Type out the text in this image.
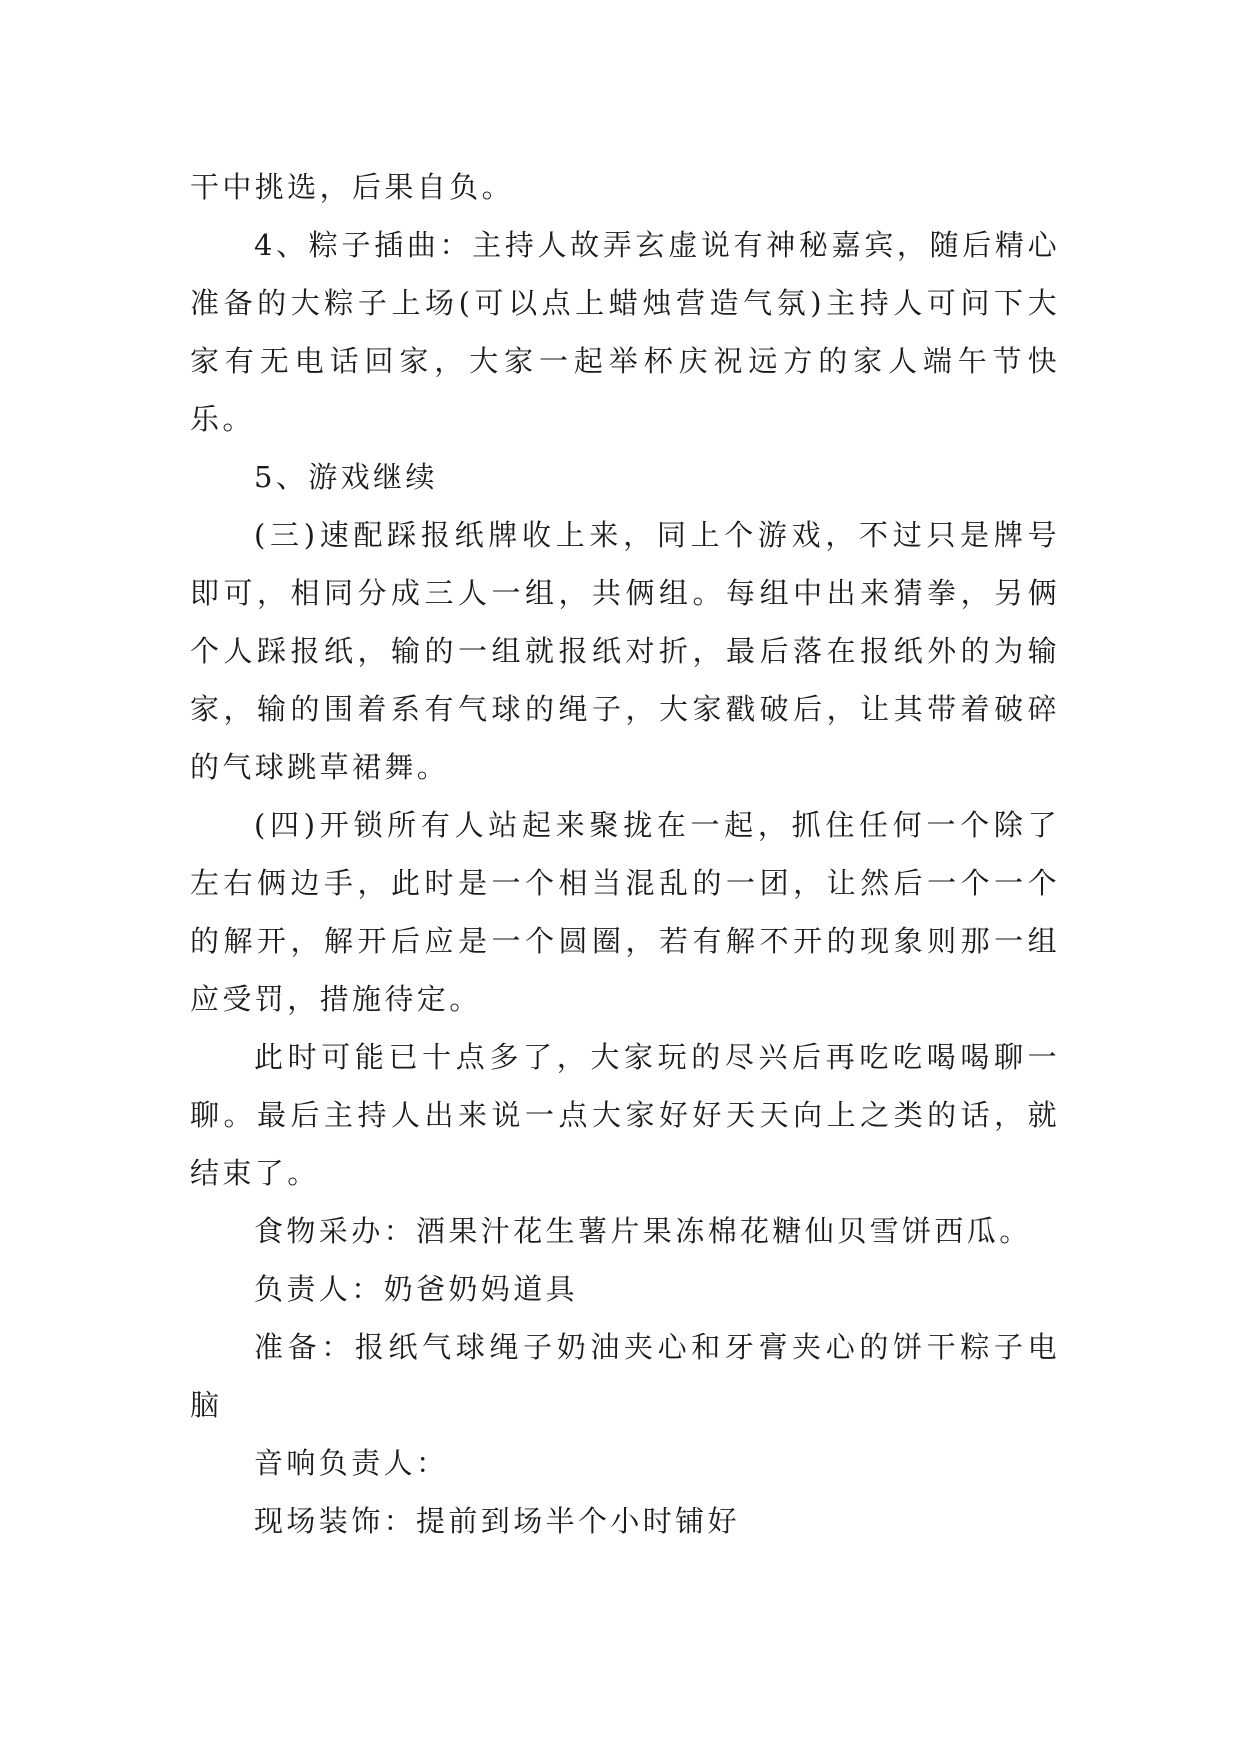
干中挑选，后果自负。

4、粽子插曲：主持人故弄玄虚说有神秘嘉宾，随后精心准备的大粽子上场(可以点上蜡烛营造气氛)主持人可问下大家有无电话回家，大家一起举杯庆祝远方的家人端午节快乐。

5、游戏继续

(三)速配踩报纸牌收上来，同上个游戏，不过只是牌号即可，相同分成三人一组，共俩组。每组中出来猜拳，另俩个人踩报纸，输的一组就报纸对折，最后落在报纸外的为输家，输的围着系有气球的绳子，大家戳破后，让其带着破碎的气球跳草裙舞。

(四)开锁所有人站起来聚拢在一起，抓住任何一个除了左右俩边手，此时是一个相当混乱的一团，让然后一个一个的解开，解开后应是一个圆圈，若有解不开的现象则那一组应受罚，措施待定。

此时可能已十点多了，大家玩的尽兴后再吃吃喝喝聊一聊。最后主持人出来说一点大家好好天天向上之类的话，就结束了。

食物采办：酒果汁花生薯片果冻棉花糖仙贝雪饼西瓜。

负责人：奶爸奶妈道具

准备：报纸气球绳子奶油夹心和牙膏夹心的饼干粽子电脑

音响负责人：

现场装饰：提前到场半个小时铺好
